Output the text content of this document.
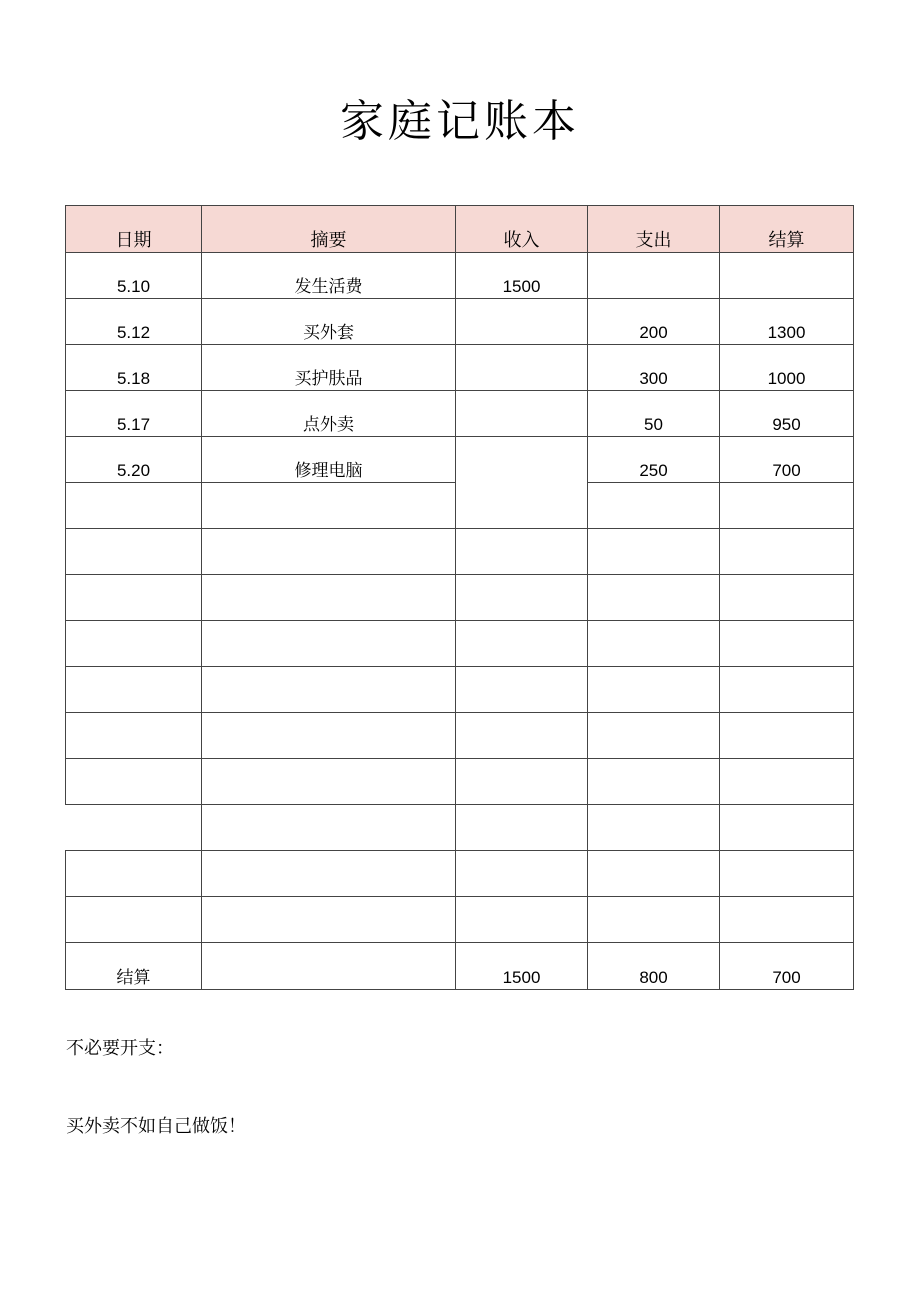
家庭记账本
日期	摘要	收入	支出	结算
5.10	发生活费	1500		
5.12	买外套		200	1300
5.18	买护肤品		300	1000
5.17	点外卖		50	950
5.20	修理电脑		250	700

结算		1500	800	700
不必要开支：
买外卖不如自己做饭！
